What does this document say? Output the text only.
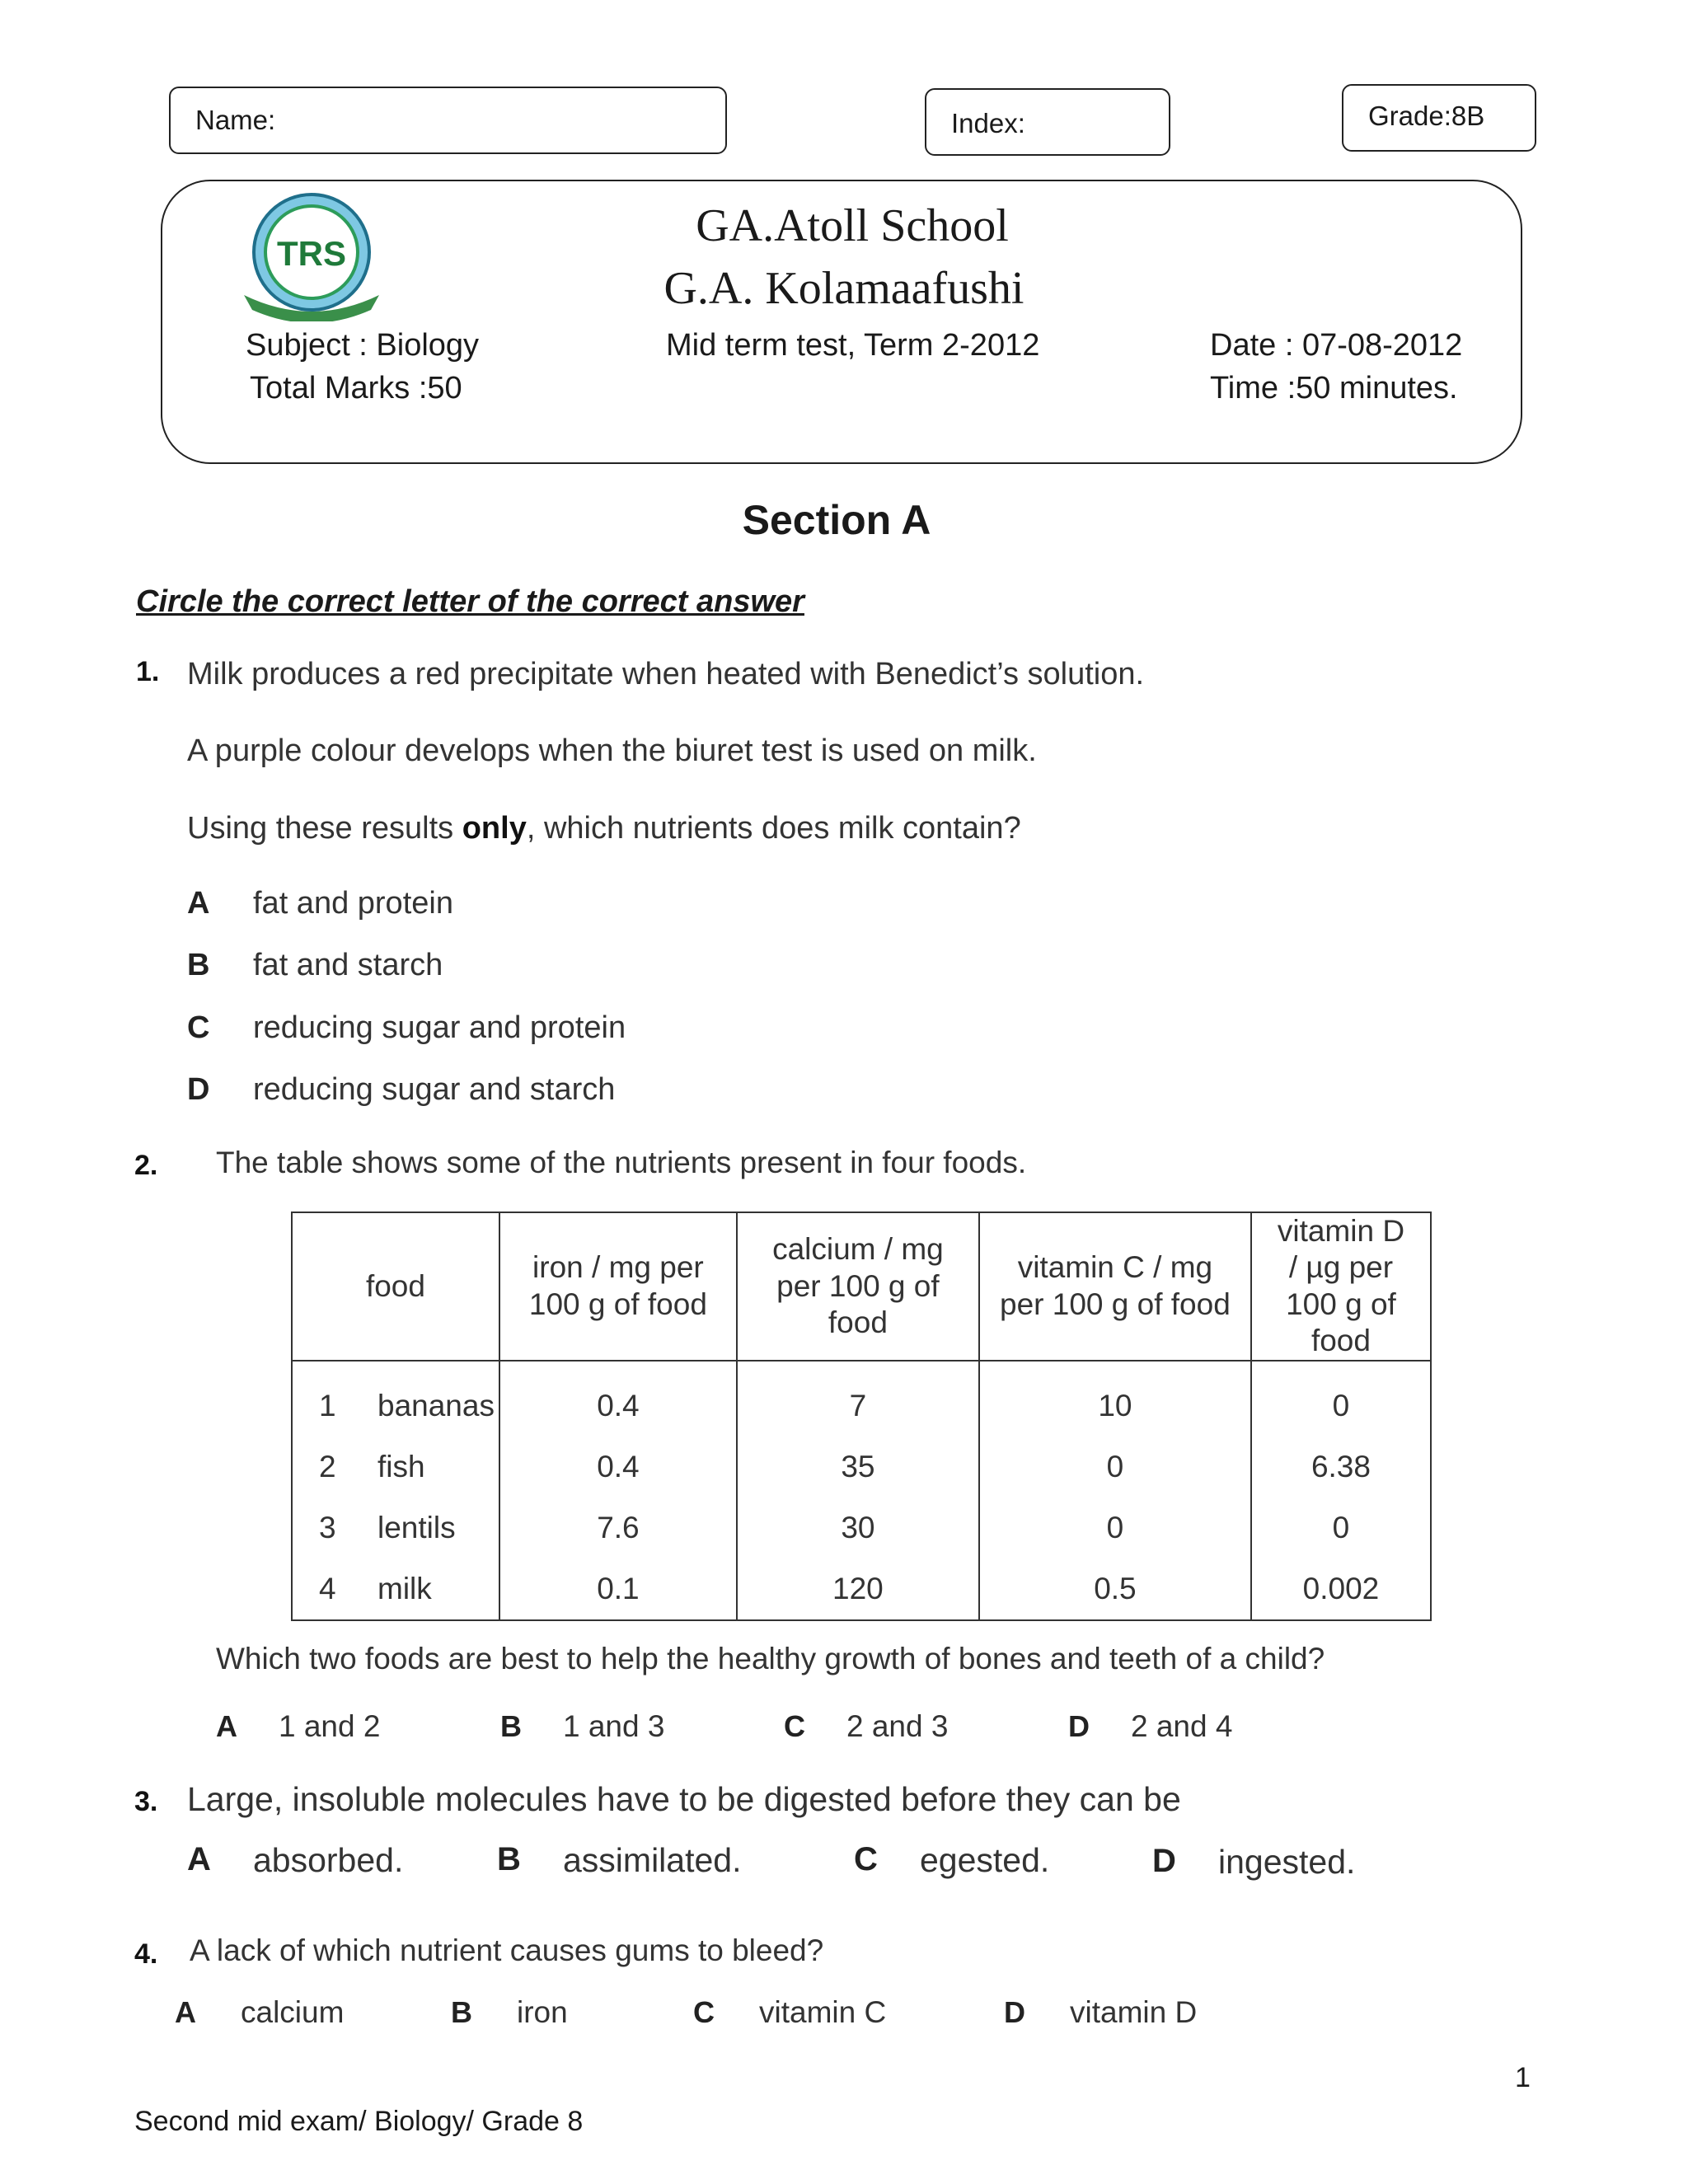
Name:	Index:	Grade:8B
TRS
GA.Atoll School
G.A. Kolamaafushi
Subject : Biology
Total Marks :50
Mid term test, Term 2-2012	Date : 07-08-2012
Time :50 minutes.
Section A
Circle the correct letter of the correct answer
1. Milk produces a red precipitate when heated with Benedict’s solution.
A purple colour develops when the biuret test is used on milk.
Using these results only, which nutrients does milk contain?
A fat and protein
B fat and starch
C reducing sugar and protein
D reducing sugar and starch
2. The table shows some of the nutrients present in four foods.
food		iron / mg per 100 g of food	calcium / mg per 100 g of food	vitamin C / mg per 100 g of food	vitamin D / µg per 100 g of food
1	bananas	0.4	7	10	0
2	fish	0.4	35	0	6.38
3	lentils	7.6	30	0	0
4	milk	0.1	120	0.5	0.002
Which two foods are best to help the healthy growth of bones and teeth of a child?
A 1 and 2	B 1 and 3	C 2 and 3	D 2 and 4
3. Large, insoluble molecules have to be digested before they can be
A absorbed.	B assimilated.	C egested.	D ingested.
4. A lack of which nutrient causes gums to bleed?
A calcium	B iron	C vitamin C	D vitamin D
1
Second mid exam/ Biology/ Grade 8
